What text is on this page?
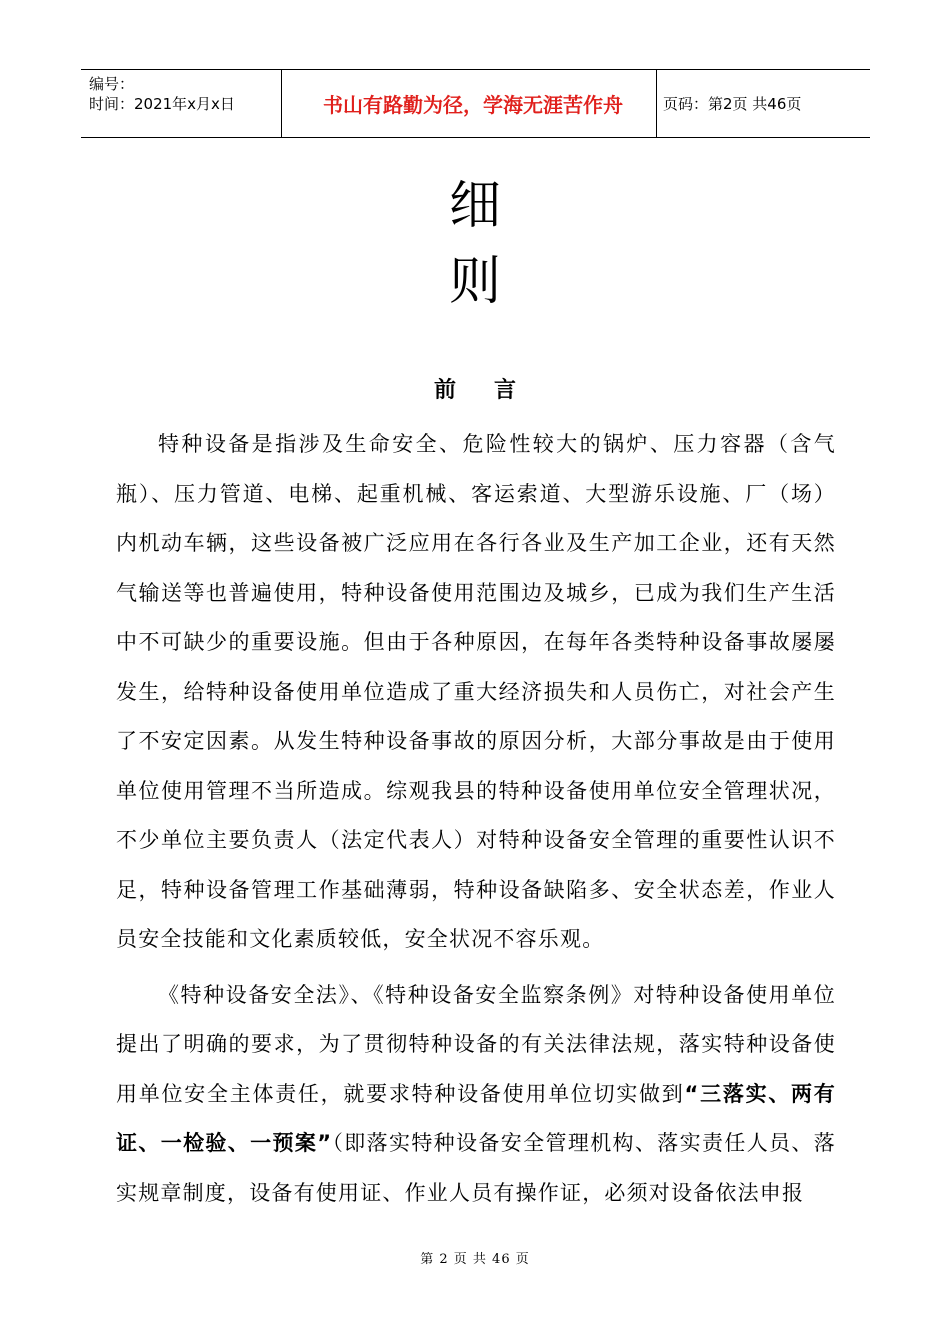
编号：
时间：2021年x月x日	书山有路勤为径，学海无涯苦作舟	页码：第2页 共46页
细
则
前言

特种设备是指涉及生命安全、危险性较大的锅炉、压力容器（含气瓶）、压力管道、电梯、起重机械、客运索道、大型游乐设施、厂（场）内机动车辆，这些设备被广泛应用在各行各业及生产加工企业，还有天然气输送等也普遍使用，特种设备使用范围边及城乡，已成为我们生产生活中不可缺少的重要设施。但由于各种原因，在每年各类特种设备事故屡屡发生，给特种设备使用单位造成了重大经济损失和人员伤亡，对社会产生了不安定因素。从发生特种设备事故的原因分析，大部分事故是由于使用单位使用管理不当所造成。综观我县的特种设备使用单位安全管理状况，不少单位主要负责人（法定代表人）对特种设备安全管理的重要性认识不足，特种设备管理工作基础薄弱，特种设备缺陷多、安全状态差，作业人员安全技能和文化素质较低，安全状况不容乐观。

《特种设备安全法》、《特种设备安全监察条例》对特种设备使用单位提出了明确的要求，为了贯彻特种设备的有关法律法规，落实特种设备使用单位安全主体责任，就要求特种设备使用单位切实做到“三落实、两有证、一检验、一预案”（即落实特种设备安全管理机构、落实责任人员、落实规章制度，设备有使用证、作业人员有操作证，必须对设备依法申报

第 2 页 共 46 页
